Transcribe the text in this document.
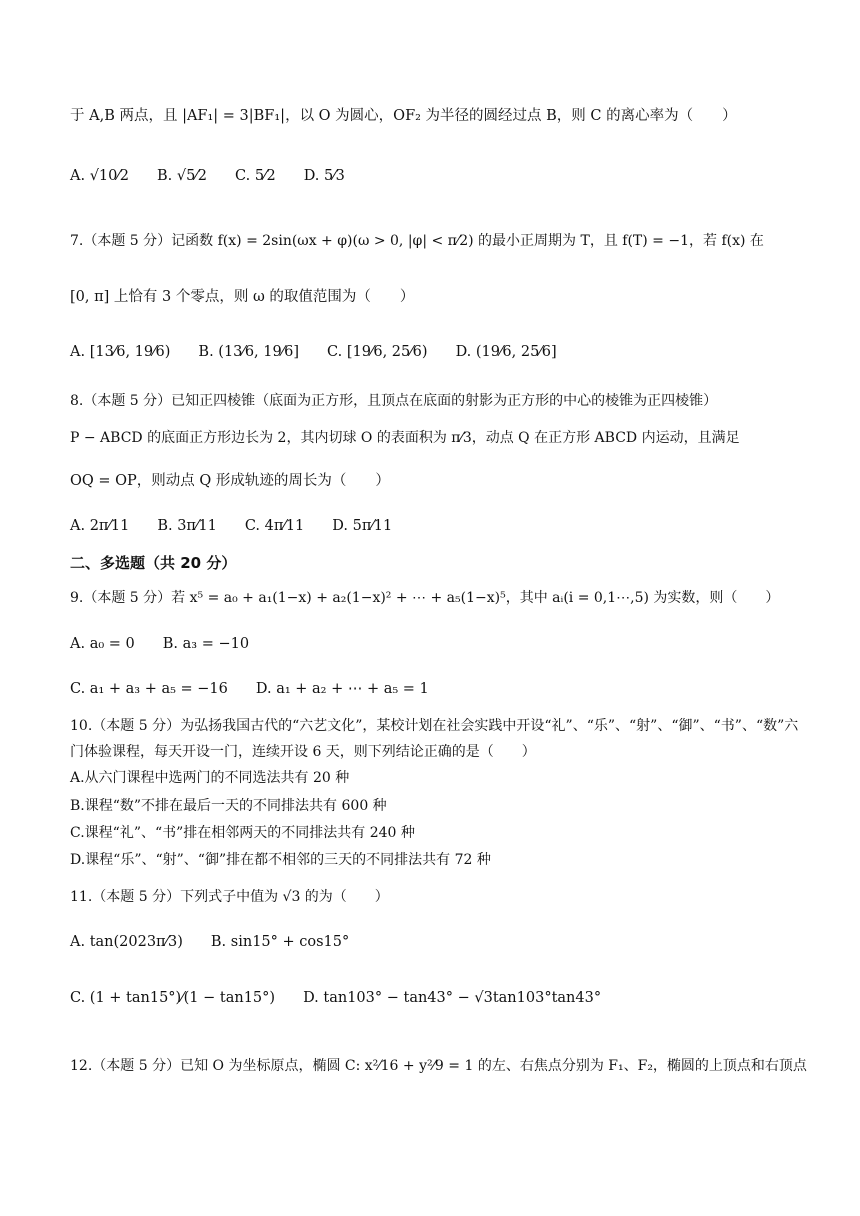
于 A,B 两点，且 |AF₁| = 3|BF₁|，以 O 为圆心，OF₂ 为半径的圆经过点 B，则 C 的离心率为（　　）
A. √10⁄2 B. √5⁄2 C. 5⁄2 D. 5⁄3
7.（本题 5 分）记函数 f(x) = 2sin(ωx + φ)(ω > 0, |φ| < π⁄2) 的最小正周期为 T，且 f(T) = −1，若 f(x) 在
[0, π] 上恰有 3 个零点，则 ω 的取值范围为（　　）
A. [13⁄6, 19⁄6) B. (13⁄6, 19⁄6] C. [19⁄6, 25⁄6) D. (19⁄6, 25⁄6]
8.（本题 5 分）已知正四棱锥（底面为正方形，且顶点在底面的射影为正方形的中心的棱锥为正四棱锥）
P − ABCD 的底面正方形边长为 2，其内切球 O 的表面积为 π⁄3，动点 Q 在正方形 ABCD 内运动，且满足
OQ = OP，则动点 Q 形成轨迹的周长为（　　）
A. 2π⁄11 B. 3π⁄11 C. 4π⁄11 D. 5π⁄11
二、多选题（共 20 分）
9.（本题 5 分）若 x⁵ = a₀ + a₁(1−x) + a₂(1−x)² + ⋯ + a₅(1−x)⁵，其中 aᵢ(i = 0,1⋯,5) 为实数，则（　　）
A. a₀ = 0 B. a₃ = −10
C. a₁ + a₃ + a₅ = −16 D. a₁ + a₂ + ⋯ + a₅ = 1
10.（本题 5 分）为弘扬我国古代的“六艺文化”，某校计划在社会实践中开设“礼”、“乐”、“射”、“御”、“书”、“数”六
门体验课程，每天开设一门，连续开设 6 天，则下列结论正确的是（　　）
A.从六门课程中选两门的不同选法共有 20 种
B.课程“数”不排在最后一天的不同排法共有 600 种
C.课程“礼”、“书”排在相邻两天的不同排法共有 240 种
D.课程“乐”、“射”、“御”排在都不相邻的三天的不同排法共有 72 种
11.（本题 5 分）下列式子中值为 √3 的为（　　）
A. tan(2023π⁄3) B. sin15° + cos15°
C. (1 + tan15°)⁄(1 − tan15°) D. tan103° − tan43° − √3tan103°tan43°
12.（本题 5 分）已知 O 为坐标原点，椭圆 C: x²⁄16 + y²⁄9 = 1 的左、右焦点分别为 F₁、F₂，椭圆的上顶点和右顶点
